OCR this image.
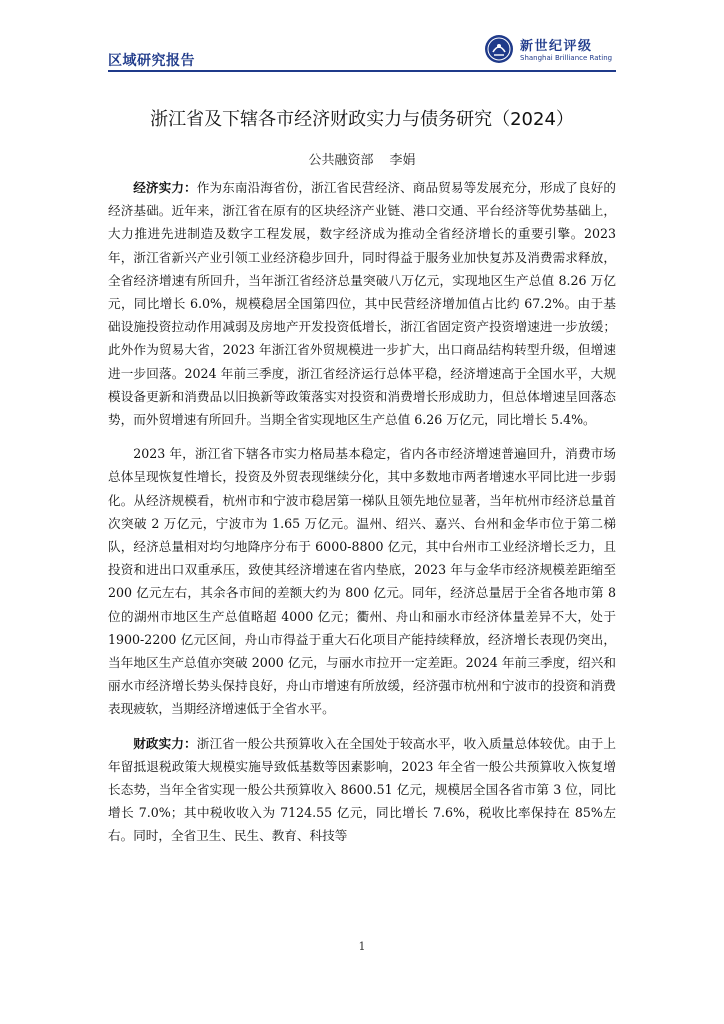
区域研究报告
新世纪评级
Shanghai Brilliance Rating
浙江省及下辖各市经济财政实力与债务研究（2024）
公共融资部 李娟

经济实力：作为东南沿海省份，浙江省民营经济、商品贸易等发展充分，形成了良好的经济基础。近年来，浙江省在原有的区块经济产业链、港口交通、平台经济等优势基础上，大力推进先进制造及数字工程发展，数字经济成为推动全省经济增长的重要引擎。2023 年，浙江省新兴产业引领工业经济稳步回升，同时得益于服务业加快复苏及消费需求释放，全省经济增速有所回升，当年浙江省经济总量突破八万亿元，实现地区生产总值 8.26 万亿元，同比增长 6.0%，规模稳居全国第四位，其中民营经济增加值占比约 67.2%。由于基础设施投资拉动作用减弱及房地产开发投资低增长，浙江省固定资产投资增速进一步放缓；此外作为贸易大省，2023 年浙江省外贸规模进一步扩大，出口商品结构转型升级，但增速进一步回落。2024 年前三季度，浙江省经济运行总体平稳，经济增速高于全国水平，大规模设备更新和消费品以旧换新等政策落实对投资和消费增长形成助力，但总体增速呈回落态势，而外贸增速有所回升。当期全省实现地区生产总值 6.26 万亿元，同比增长 5.4%。

2023 年，浙江省下辖各市实力格局基本稳定，省内各市经济增速普遍回升，消费市场总体呈现恢复性增长，投资及外贸表现继续分化，其中多数地市两者增速水平同比进一步弱化。从经济规模看，杭州市和宁波市稳居第一梯队且领先地位显著，当年杭州市经济总量首次突破 2 万亿元，宁波市为 1.65 万亿元。温州、绍兴、嘉兴、台州和金华市位于第二梯队，经济总量相对均匀地降序分布于 6000-8800 亿元，其中台州市工业经济增长乏力，且投资和进出口双重承压，致使其经济增速在省内垫底，2023 年与金华市经济规模差距缩至 200 亿元左右，其余各市间的差额大约为 800 亿元。同年，经济总量居于全省各地市第 8 位的湖州市地区生产总值略超 4000 亿元；衢州、舟山和丽水市经济体量差异不大，处于 1900-2200 亿元区间，舟山市得益于重大石化项目产能持续释放，经济增长表现仍突出，当年地区生产总值亦突破 2000 亿元，与丽水市拉开一定差距。2024 年前三季度，绍兴和丽水市经济增长势头保持良好，舟山市增速有所放缓，经济强市杭州和宁波市的投资和消费表现疲软，当期经济增速低于全省水平。

财政实力：浙江省一般公共预算收入在全国处于较高水平，收入质量总体较优。由于上年留抵退税政策大规模实施导致低基数等因素影响，2023 年全省一般公共预算收入恢复增长态势，当年全省实现一般公共预算收入 8600.51 亿元，规模居全国各省市第 3 位，同比增长 7.0%；其中税收收入为 7124.55 亿元，同比增长 7.6%，税收比率保持在 85%左右。同时，全省卫生、民生、教育、科技等

1
